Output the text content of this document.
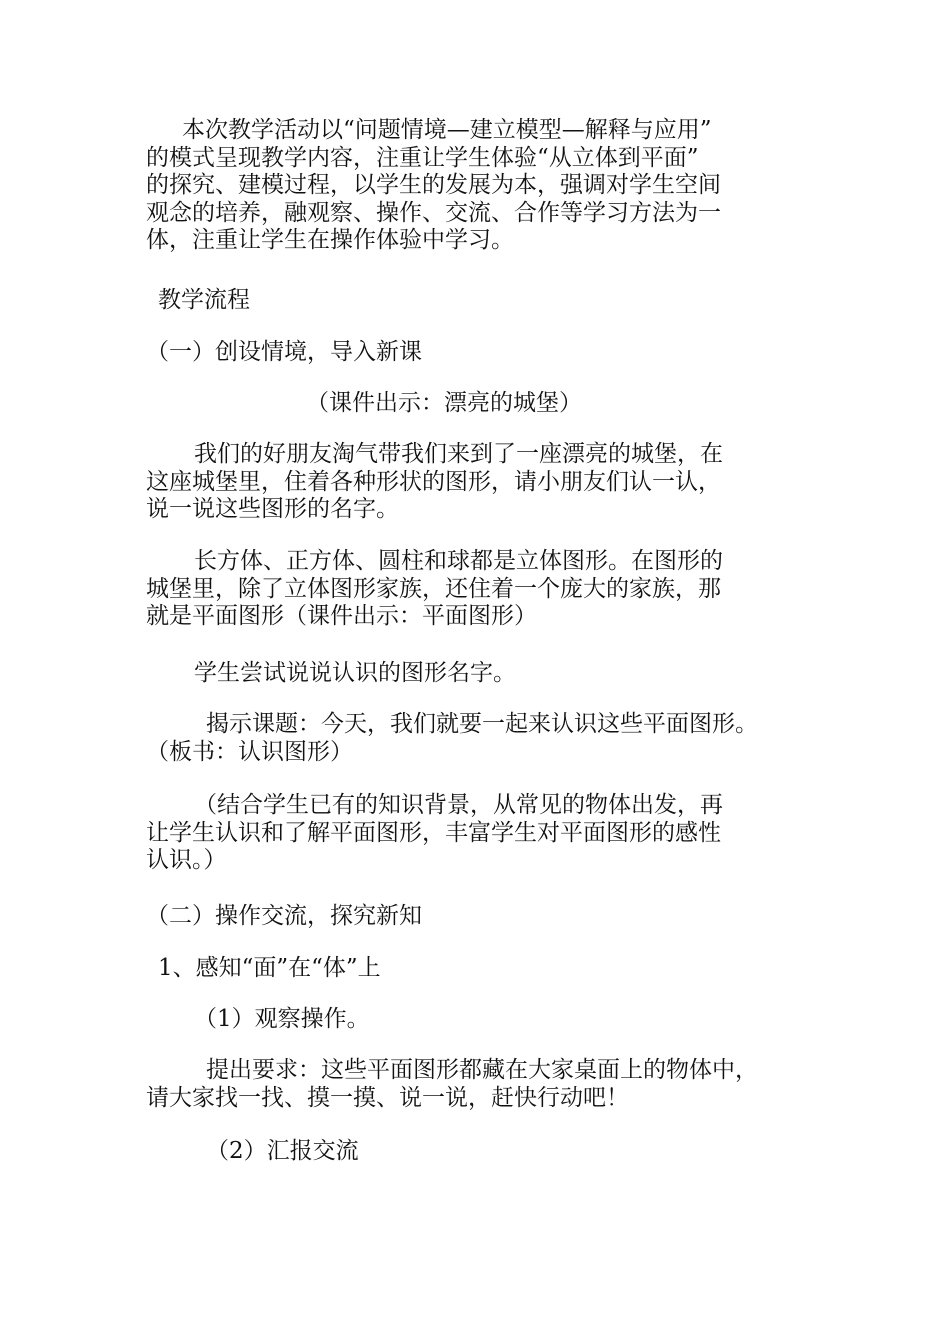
本次教学活动以“问题情境—建立模型—解释与应用”
的模式呈现教学内容，注重让学生体验“从立体到平面”
的探究、建模过程，以学生的发展为本，强调对学生空间
观念的培养，融观察、操作、交流、合作等学习方法为一
体，注重让学生在操作体验中学习。
教学流程
（一）创设情境，导入新课
（课件出示：漂亮的城堡）
我们的好朋友淘气带我们来到了一座漂亮的城堡，在
这座城堡里，住着各种形状的图形，请小朋友们认一认，
说一说这些图形的名字。
长方体、正方体、圆柱和球都是立体图形。在图形的
城堡里，除了立体图形家族，还住着一个庞大的家族，那
就是平面图形（课件出示：平面图形）
学生尝试说说认识的图形名字。
揭示课题：今天，我们就要一起来认识这些平面图形。
（板书：认识图形）
（结合学生已有的知识背景，从常见的物体出发，再
让学生认识和了解平面图形，丰富学生对平面图形的感性
认识。）
（二）操作交流，探究新知
1、感知“面”在“体”上
（1）观察操作。
提出要求：这些平面图形都藏在大家桌面上的物体中，
请大家找一找、摸一摸、说一说，赶快行动吧！
（2）汇报交流
